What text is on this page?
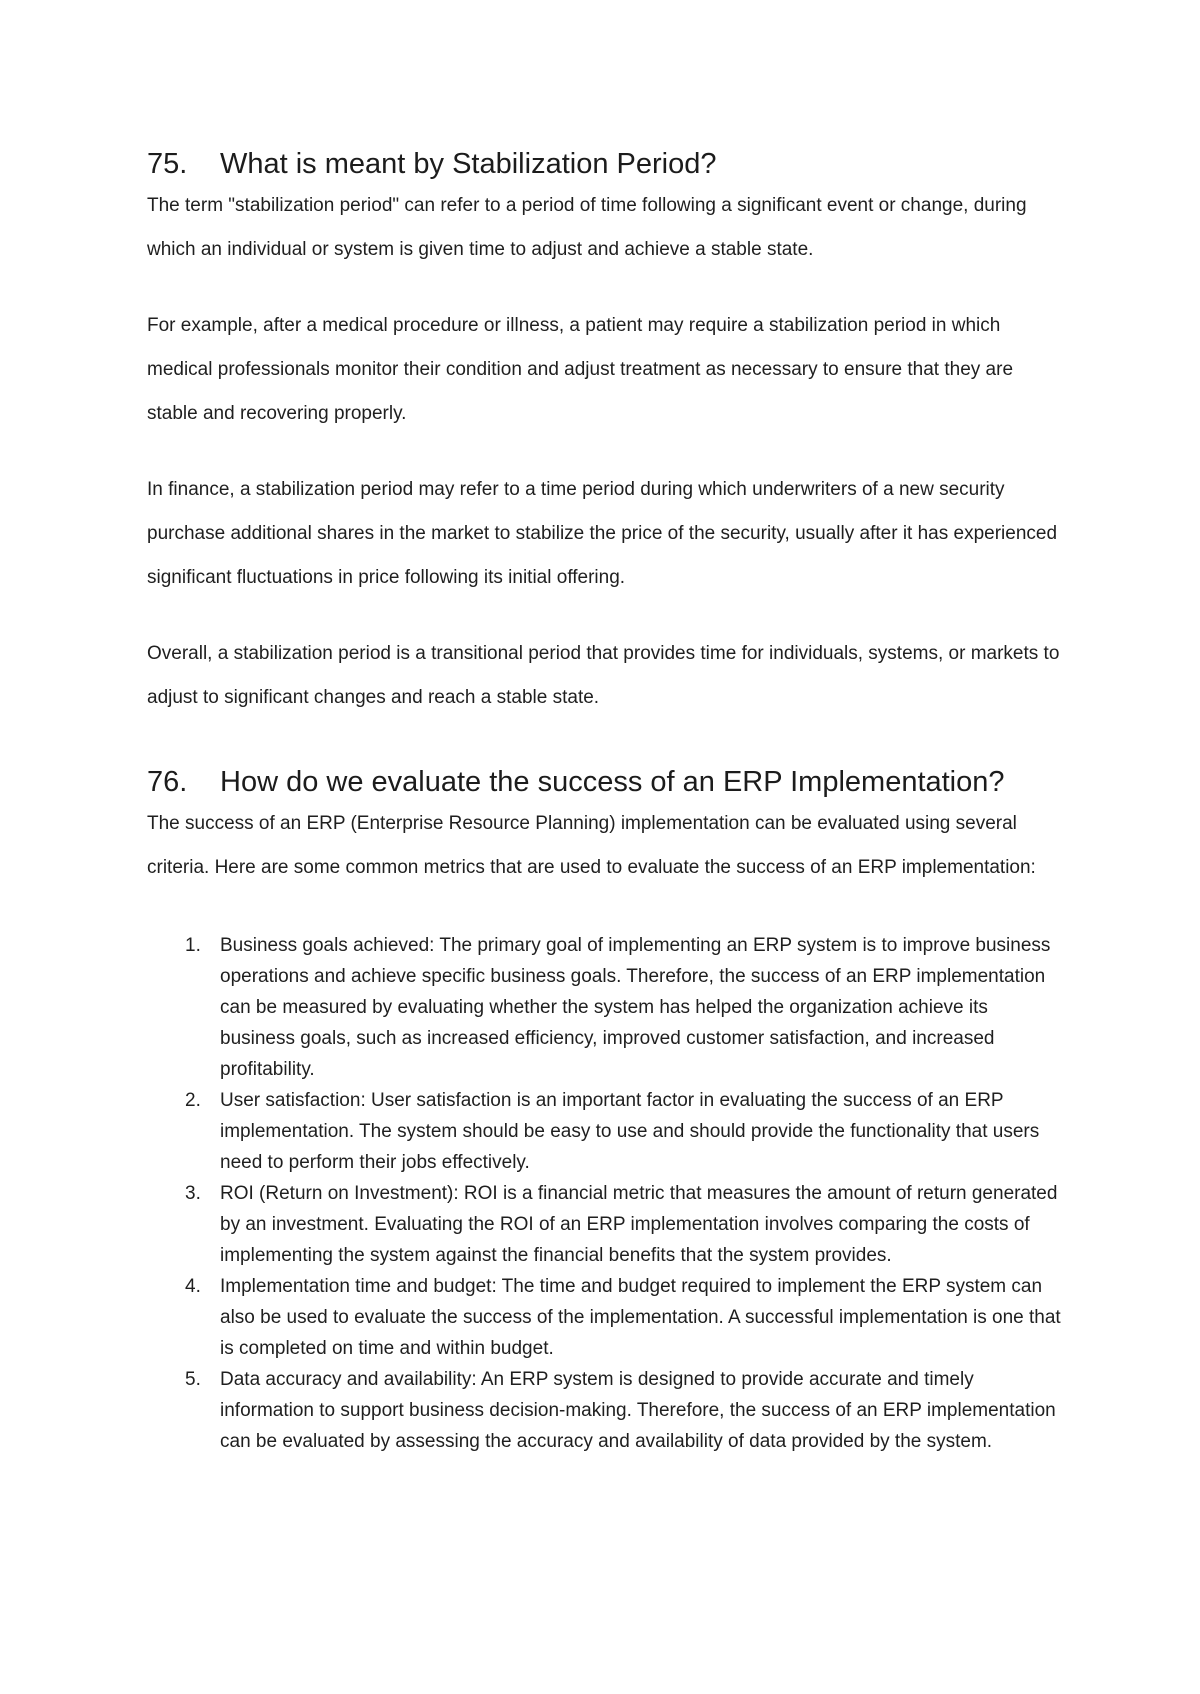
75. What is meant by Stabilization Period?

The term "stabilization period" can refer to a period of time following a significant event or change, during which an individual or system is given time to adjust and achieve a stable state.

For example, after a medical procedure or illness, a patient may require a stabilization period in which medical professionals monitor their condition and adjust treatment as necessary to ensure that they are stable and recovering properly.

In finance, a stabilization period may refer to a time period during which underwriters of a new security purchase additional shares in the market to stabilize the price of the security, usually after it has experienced significant fluctuations in price following its initial offering.

Overall, a stabilization period is a transitional period that provides time for individuals, systems, or markets to adjust to significant changes and reach a stable state.

76. How do we evaluate the success of an ERP Implementation?

The success of an ERP (Enterprise Resource Planning) implementation can be evaluated using several criteria. Here are some common metrics that are used to evaluate the success of an ERP implementation:

1. Business goals achieved: The primary goal of implementing an ERP system is to improve business operations and achieve specific business goals. Therefore, the success of an ERP implementation can be measured by evaluating whether the system has helped the organization achieve its business goals, such as increased efficiency, improved customer satisfaction, and increased profitability.
2. User satisfaction: User satisfaction is an important factor in evaluating the success of an ERP implementation. The system should be easy to use and should provide the functionality that users need to perform their jobs effectively.
3. ROI (Return on Investment): ROI is a financial metric that measures the amount of return generated by an investment. Evaluating the ROI of an ERP implementation involves comparing the costs of implementing the system against the financial benefits that the system provides.
4. Implementation time and budget: The time and budget required to implement the ERP system can also be used to evaluate the success of the implementation. A successful implementation is one that is completed on time and within budget.
5. Data accuracy and availability: An ERP system is designed to provide accurate and timely information to support business decision-making. Therefore, the success of an ERP implementation can be evaluated by assessing the accuracy and availability of data provided by the system.
